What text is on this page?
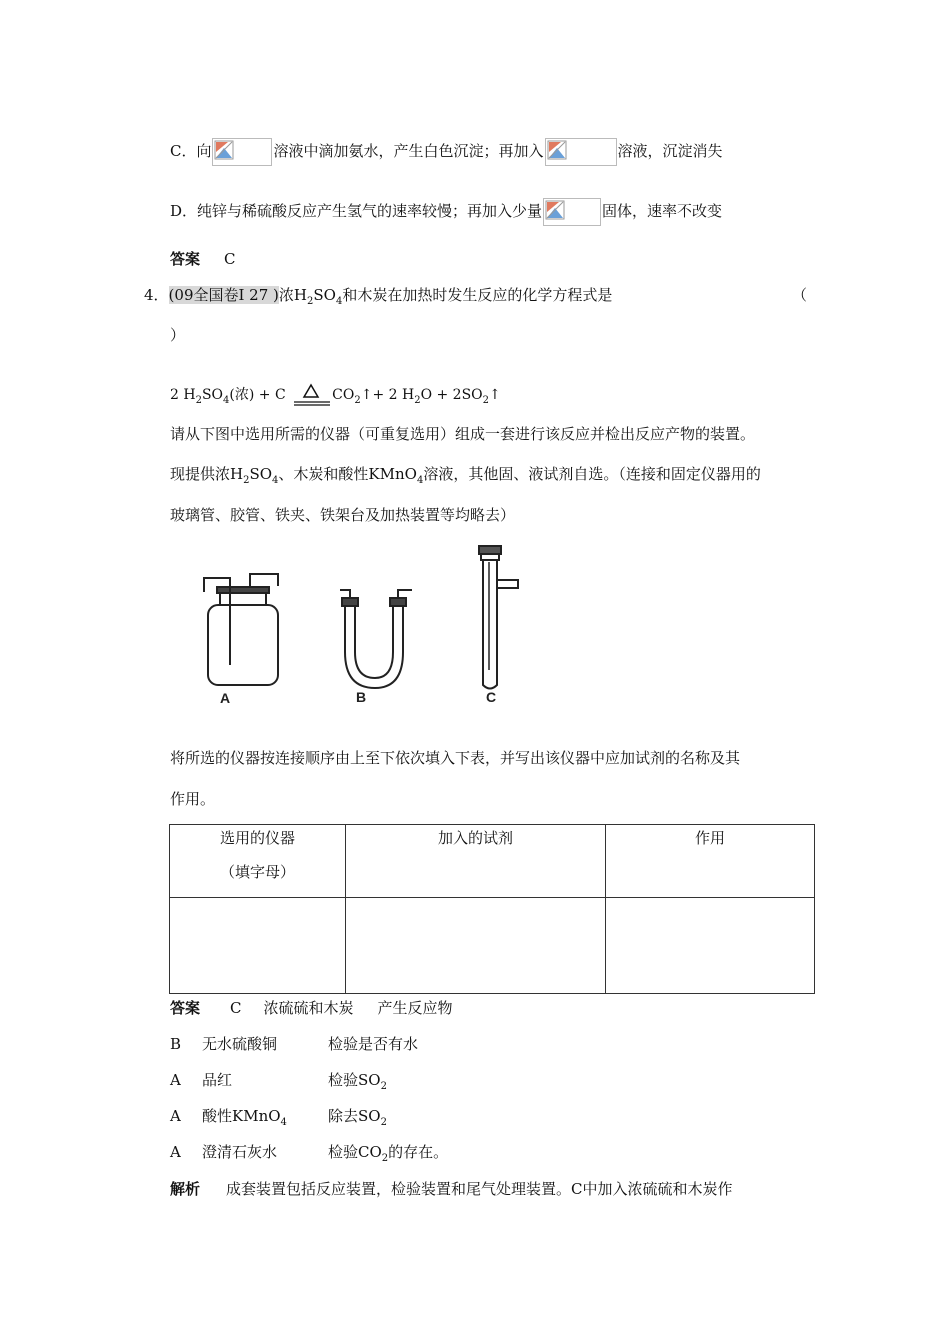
C．向	溶液中滴加氨水，产生白色沉淀；再加入	溶液，沉淀消失
D．纯锌与稀硫酸反应产生氢气的速率较慢；再加入少量	固体，速率不改变
答案 C
4．(09全国卷Ⅰ 27 )浓$H_2SO_4$和木炭在加热时发生反应的化学方程式是	（
）
2 $H_2SO_4$(浓) + C	$CO_2↑+ 2$ $H_2O$ + $2SO_2↑$
请从下图中选用所需的仪器（可重复选用）组成一套进行该反应并检出反应产物的装置。
现提供浓$H_2SO_4$、木炭和酸性KMnO$_4$溶液，其他固、液试剂自选。（连接和固定仪器用的
玻璃管、胶管、铁夹、铁架台及加热装置等均略去）
A	B	C
将所选的仪器按连接顺序由上至下依次填入下表，并写出该仪器中应加试剂的名称及其
作用。
选用的仪器
（填字母）	加入的试剂	作用

答案 C 浓硫硫和木炭 产生反应物
B 无水硫酸铜	检验是否有水
A 品红	检验$SO_2$
A 酸性KMnO$_4$	除去$SO_2$
A 澄清石灰水	检验$CO_2$的存在。
解析 成套装置包括反应装置，检验装置和尾气处理装置。C中加入浓硫硫和木炭作
